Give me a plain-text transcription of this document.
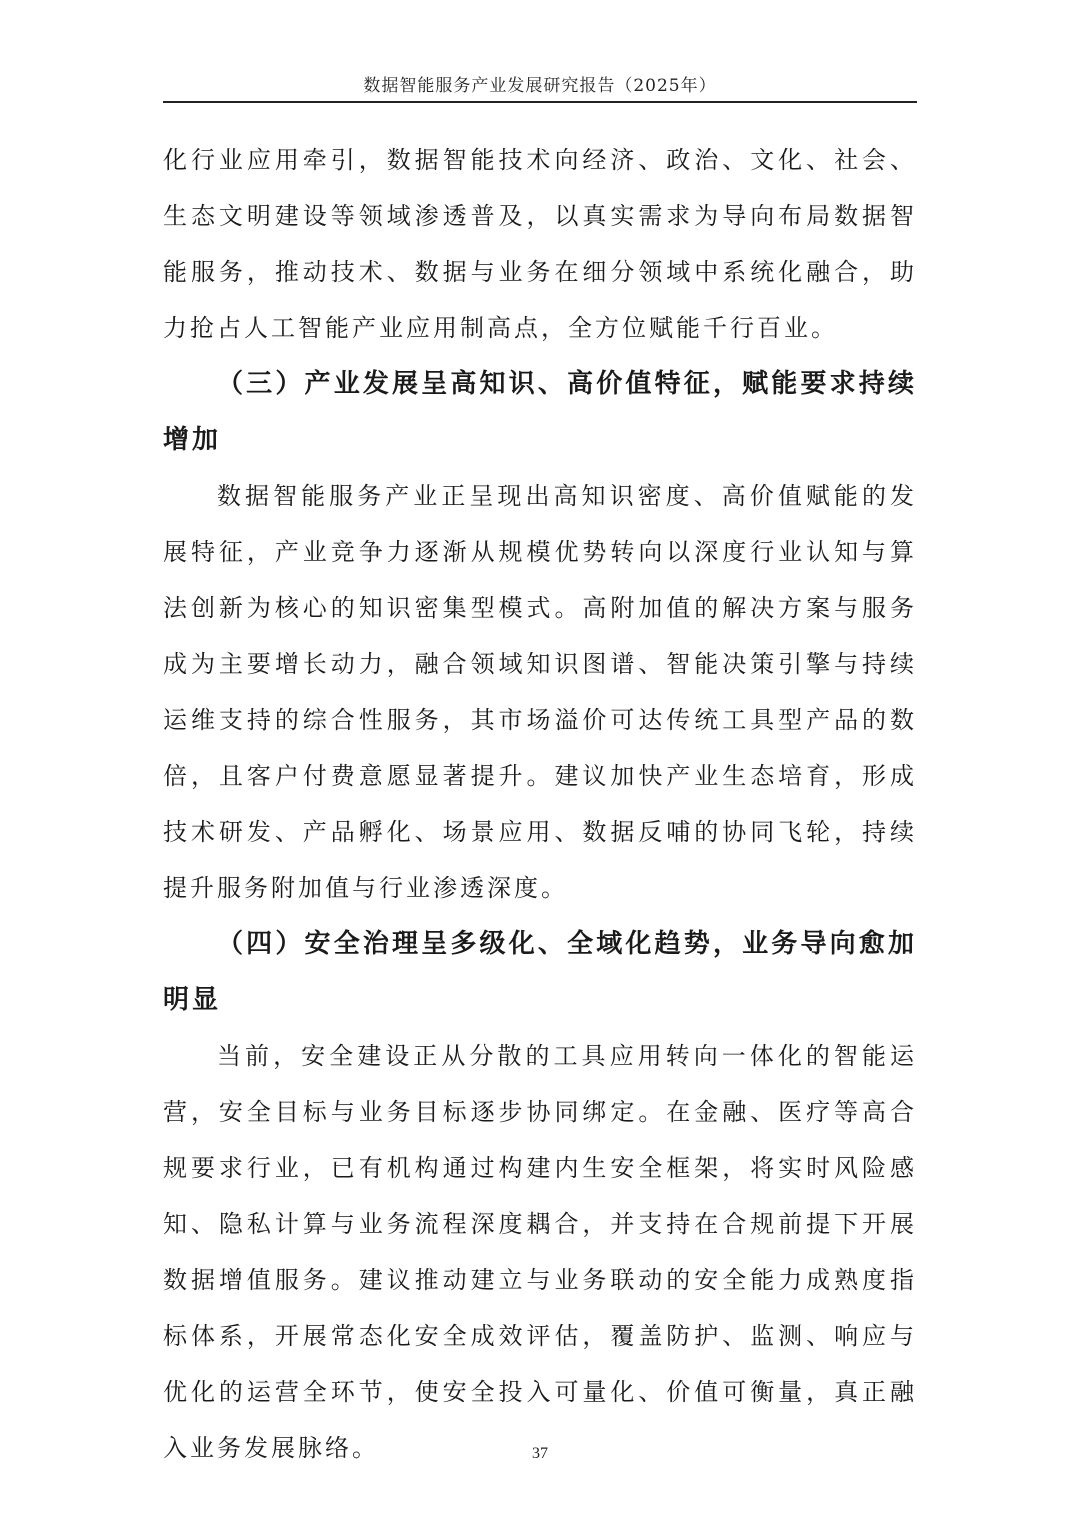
数据智能服务产业发展研究报告（2025年）

化行业应用牵引，数据智能技术向经济、政治、文化、社会、生态文明建设等领域渗透普及，以真实需求为导向布局数据智能服务，推动技术、数据与业务在细分领域中系统化融合，助力抢占人工智能产业应用制高点，全方位赋能千行百业。

（三）产业发展呈高知识、高价值特征，赋能要求持续增加

数据智能服务产业正呈现出高知识密度、高价值赋能的发展特征，产业竞争力逐渐从规模优势转向以深度行业认知与算法创新为核心的知识密集型模式。高附加值的解决方案与服务成为主要增长动力，融合领域知识图谱、智能决策引擎与持续运维支持的综合性服务，其市场溢价可达传统工具型产品的数倍，且客户付费意愿显著提升。建议加快产业生态培育，形成技术研发、产品孵化、场景应用、数据反哺的协同飞轮，持续提升服务附加值与行业渗透深度。

（四）安全治理呈多级化、全域化趋势，业务导向愈加明显

当前，安全建设正从分散的工具应用转向一体化的智能运营，安全目标与业务目标逐步协同绑定。在金融、医疗等高合规要求行业，已有机构通过构建内生安全框架，将实时风险感知、隐私计算与业务流程深度耦合，并支持在合规前提下开展数据增值服务。建议推动建立与业务联动的安全能力成熟度指标体系，开展常态化安全成效评估，覆盖防护、监测、响应与优化的运营全环节，使安全投入可量化、价值可衡量，真正融入业务发展脉络。	37
